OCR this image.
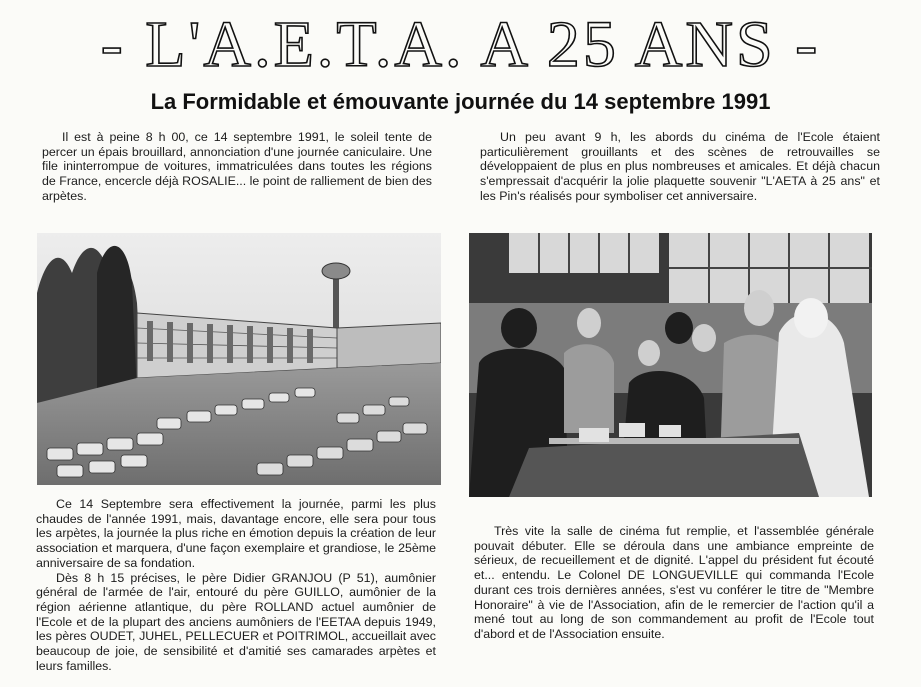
- L'A.E.T.A. A 25 ANS -
La Formidable et émouvante journée du 14 septembre 1991

Il est à peine 8 h 00, ce 14 septembre 1991, le soleil tente de percer un épais brouillard, annonciation d'une journée caniculaire. Une file ininterrompue de voitures, immatriculées dans toutes les régions de France, encercle déjà ROSALIE... le point de ralliement de bien des arpètes.

Un peu avant 9 h, les abords du cinéma de l'Ecole étaient particulièrement grouillants et des scènes de retrouvailles se développaient de plus en plus nombreuses et amicales. Et déjà chacun s'empressait d'acquérir la jolie plaquette souvenir "L'AETA à 25 ans" et les Pin's réalisés pour symboliser cet anniversaire.

Ce 14 Septembre sera effectivement la journée, parmi les plus chaudes de l'année 1991, mais, davantage encore, elle sera pour tous les arpètes, la journée la plus riche en émotion depuis la création de leur association et marquera, d'une façon exemplaire et grandiose, le 25ème anniversaire de sa fondation.

Dès 8 h 15 précises, le père Didier GRANJOU (P 51), aumônier général de l'armée de l'air, entouré du père GUILLO, aumônier de la région aérienne atlantique, du père ROLLAND actuel aumônier de l'Ecole et de la plupart des anciens aumôniers de l'EETAA depuis 1949, les pères OUDET, JUHEL, PELLECUER et POITRIMOL, accueillait avec beaucoup de joie, de sensibilité et d'amitié ses camarades arpètes et leurs familles.

Très vite la salle de cinéma fut remplie, et l'assemblée générale pouvait débuter. Elle se déroula dans une ambiance empreinte de sérieux, de recueillement et de dignité. L'appel du président fut écouté et... entendu. Le Colonel DE LONGUEVILLE qui commanda l'Ecole durant ces trois dernières années, s'est vu conférer le titre de "Membre Honoraire" à vie de l'Association, afin de le remercier de l'action qu'il a mené tout au long de son commandement au profit de l'Ecole tout d'abord et de l'Association ensuite.
